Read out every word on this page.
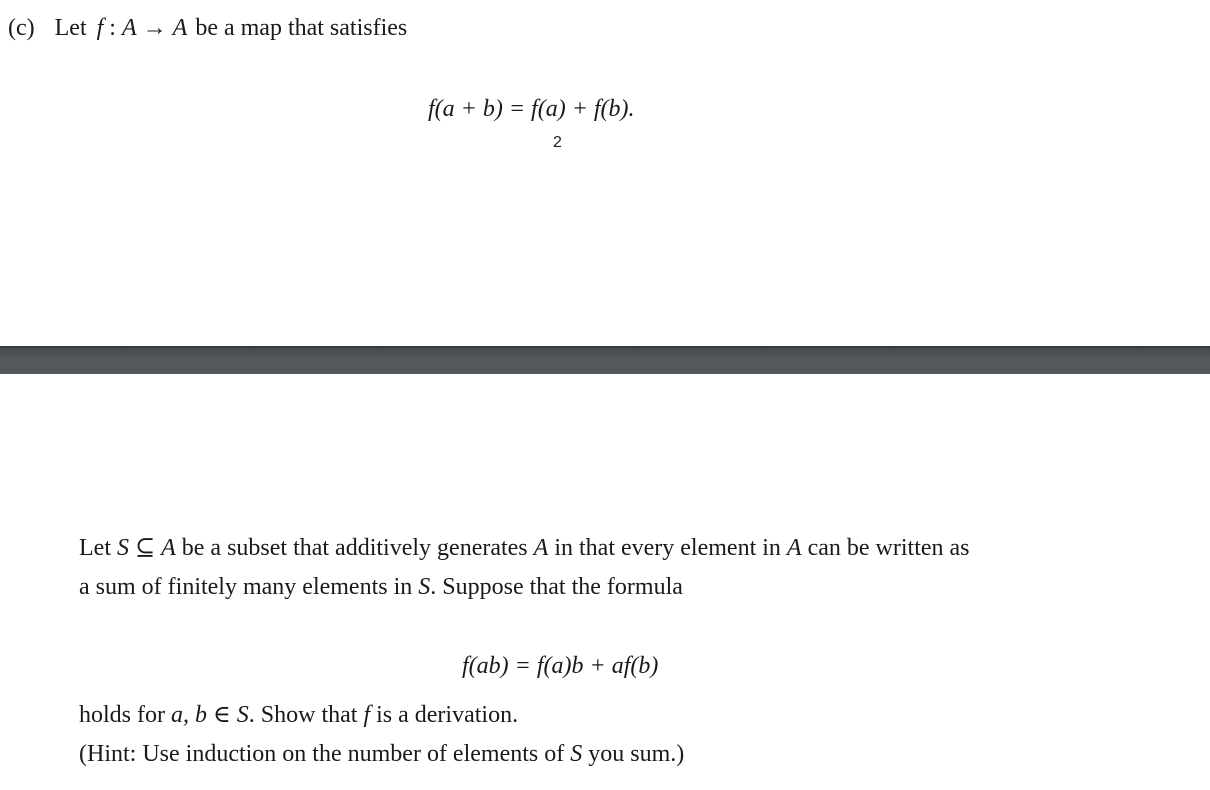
(c) Let f : A → A be a map that satisfies
f(a + b) = f(a) + f(b).
2
Let S ⊆ A be a subset that additively generates A in that every element in A can be written as
a sum of finitely many elements in S. Suppose that the formula
f(ab) = f(a)b + af(b)
holds for a, b ∈ S. Show that f is a derivation.
(Hint: Use induction on the number of elements of S you sum.)
